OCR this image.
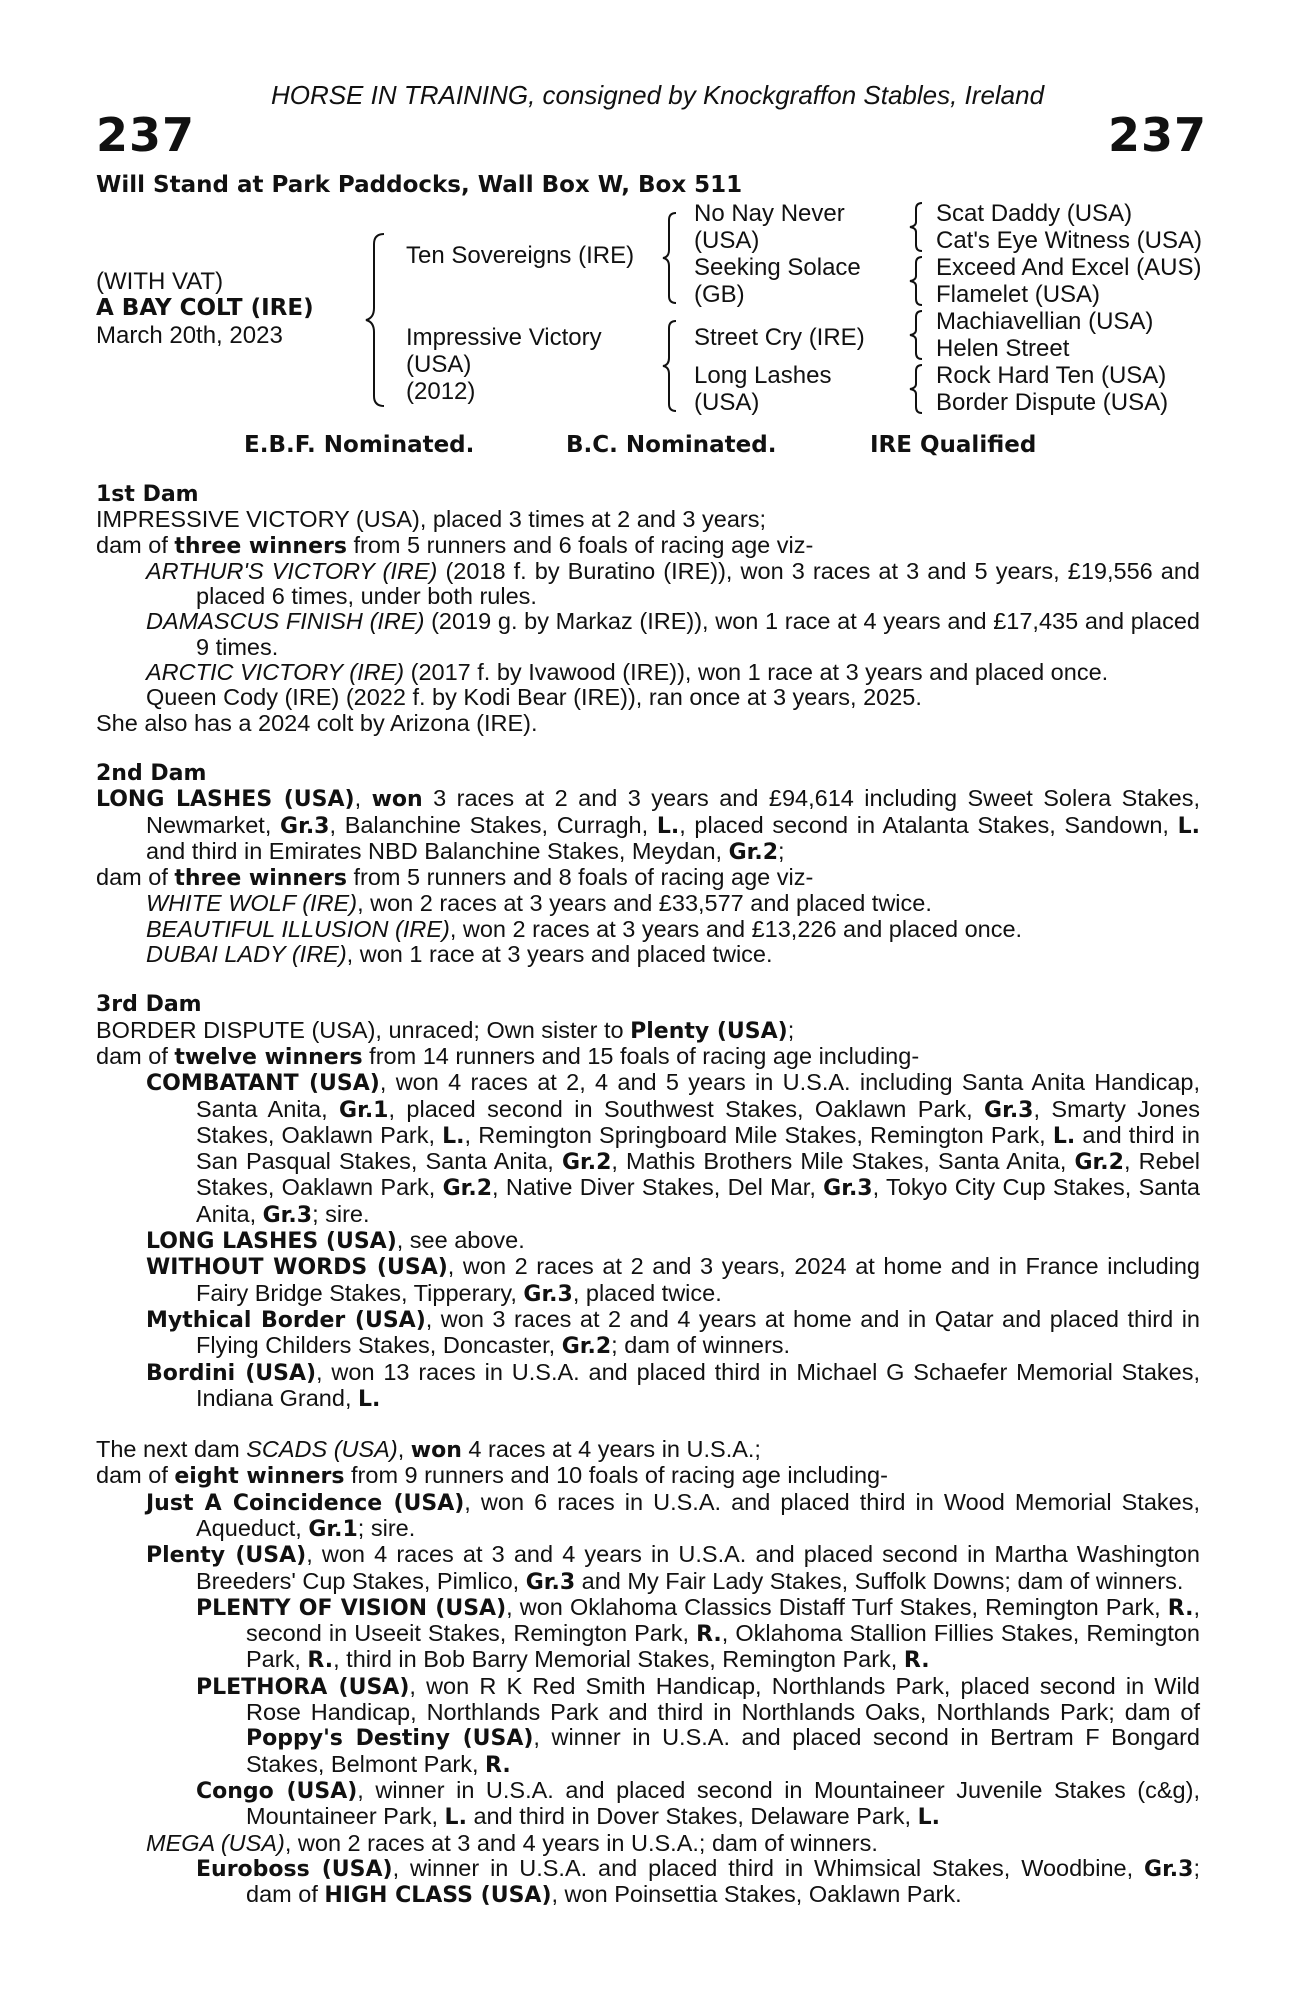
HORSE IN TRAINING, consigned by Knockgraffon Stables, Ireland
237	237
Will Stand at Park Paddocks, Wall Box W, Box 511
(WITH VAT)
A BAY COLT (IRE)
March 20th, 2023
Ten Sovereigns (IRE)
Impressive Victory
(USA)
(2012)
No Nay Never
(USA)
Seeking Solace
(GB)
Street Cry (IRE)
Long Lashes
(USA)
Scat Daddy (USA)
Cat's Eye Witness (USA)
Exceed And Excel (AUS)
Flamelet (USA)
Machiavellian (USA)
Helen Street
Rock Hard Ten (USA)
Border Dispute (USA)
E.B.F. Nominated.	B.C. Nominated.	IRE Qualified

1st Dam

IMPRESSIVE VICTORY (USA), placed 3 times at 2 and 3 years;

dam of three winners from 5 runners and 6 foals of racing age viz-

ARTHUR'S VICTORY (IRE) (2018 f. by Buratino (IRE)), won 3 races at 3 and 5 years, £19,556 and placed 6 times, under both rules.

DAMASCUS FINISH (IRE) (2019 g. by Markaz (IRE)), won 1 race at 4 years and £17,435 and placed 9 times.

ARCTIC VICTORY (IRE) (2017 f. by Ivawood (IRE)), won 1 race at 3 years and placed once.

Queen Cody (IRE) (2022 f. by Kodi Bear (IRE)), ran once at 3 years, 2025.

She also has a 2024 colt by Arizona (IRE).

2nd Dam

LONG LASHES (USA), won 3 races at 2 and 3 years and £94,614 including Sweet Solera Stakes, Newmarket, Gr.3, Balanchine Stakes, Curragh, L., placed second in Atalanta Stakes, Sandown, L. and third in Emirates NBD Balanchine Stakes, Meydan, Gr.2;

dam of three winners from 5 runners and 8 foals of racing age viz-

WHITE WOLF (IRE), won 2 races at 3 years and £33,577 and placed twice.

BEAUTIFUL ILLUSION (IRE), won 2 races at 3 years and £13,226 and placed once.

DUBAI LADY (IRE), won 1 race at 3 years and placed twice.

3rd Dam

BORDER DISPUTE (USA), unraced; Own sister to Plenty (USA);

dam of twelve winners from 14 runners and 15 foals of racing age including-

COMBATANT (USA), won 4 races at 2, 4 and 5 years in U.S.A. including Santa Anita Handicap, Santa Anita, Gr.1, placed second in Southwest Stakes, Oaklawn Park, Gr.3, Smarty Jones Stakes, Oaklawn Park, L., Remington Springboard Mile Stakes, Remington Park, L. and third in San Pasqual Stakes, Santa Anita, Gr.2, Mathis Brothers Mile Stakes, Santa Anita, Gr.2, Rebel Stakes, Oaklawn Park, Gr.2, Native Diver Stakes, Del Mar, Gr.3, Tokyo City Cup Stakes, Santa Anita, Gr.3; sire.

LONG LASHES (USA), see above.

WITHOUT WORDS (USA), won 2 races at 2 and 3 years, 2024 at home and in France including Fairy Bridge Stakes, Tipperary, Gr.3, placed twice.

Mythical Border (USA), won 3 races at 2 and 4 years at home and in Qatar and placed third in Flying Childers Stakes, Doncaster, Gr.2; dam of winners.

Bordini (USA), won 13 races in U.S.A. and placed third in Michael G Schaefer Memorial Stakes, Indiana Grand, L.

The next dam SCADS (USA), won 4 races at 4 years in U.S.A.;

dam of eight winners from 9 runners and 10 foals of racing age including-

Just A Coincidence (USA), won 6 races in U.S.A. and placed third in Wood Memorial Stakes, Aqueduct, Gr.1; sire.

Plenty (USA), won 4 races at 3 and 4 years in U.S.A. and placed second in Martha Washington Breeders' Cup Stakes, Pimlico, Gr.3 and My Fair Lady Stakes, Suffolk Downs; dam of winners.

PLENTY OF VISION (USA), won Oklahoma Classics Distaff Turf Stakes, Remington Park, R., second in Useeit Stakes, Remington Park, R., Oklahoma Stallion Fillies Stakes, Remington Park, R., third in Bob Barry Memorial Stakes, Remington Park, R.

PLETHORA (USA), won R K Red Smith Handicap, Northlands Park, placed second in Wild Rose Handicap, Northlands Park and third in Northlands Oaks, Northlands Park; dam of Poppy's Destiny (USA), winner in U.S.A. and placed second in Bertram F Bongard Stakes, Belmont Park, R.

Congo (USA), winner in U.S.A. and placed second in Mountaineer Juvenile Stakes (c&g), Mountaineer Park, L. and third in Dover Stakes, Delaware Park, L.

MEGA (USA), won 2 races at 3 and 4 years in U.S.A.; dam of winners.

Euroboss (USA), winner in U.S.A. and placed third in Whimsical Stakes, Woodbine, Gr.3; dam of HIGH CLASS (USA), won Poinsettia Stakes, Oaklawn Park.
